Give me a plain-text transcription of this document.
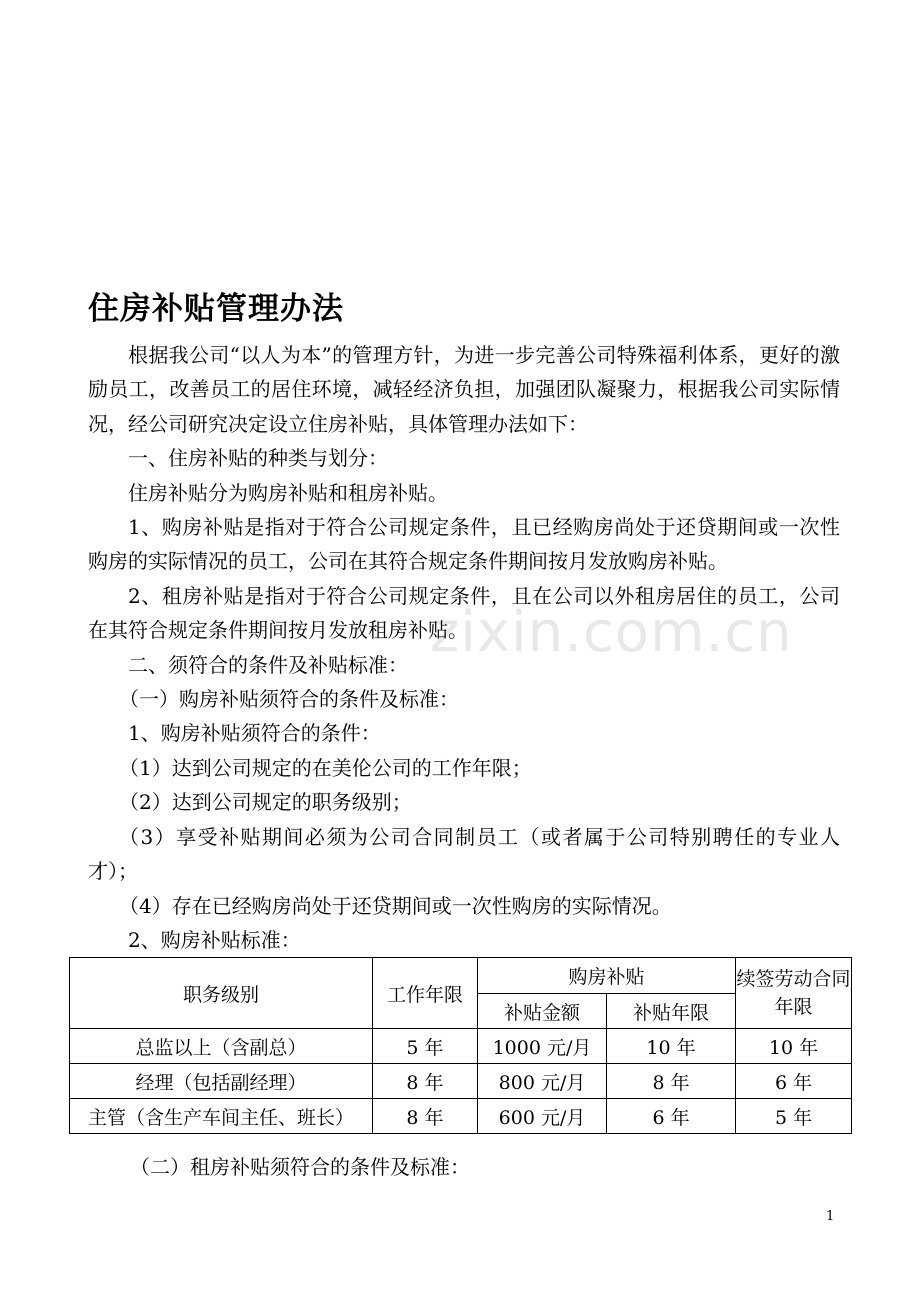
住房补贴管理办法

根据我公司“以人为本”的管理方针，为进一步完善公司特殊福利体系，更好的激励员工，改善员工的居住环境，减轻经济负担，加强团队凝聚力，根据我公司实际情况，经公司研究决定设立住房补贴，具体管理办法如下：

一、住房补贴的种类与划分：

住房补贴分为购房补贴和租房补贴。

1、购房补贴是指对于符合公司规定条件，且已经购房尚处于还贷期间或一次性购房的实际情况的员工，公司在其符合规定条件期间按月发放购房补贴。

2、租房补贴是指对于符合公司规定条件，且在公司以外租房居住的员工，公司在其符合规定条件期间按月发放租房补贴。

二、须符合的条件及补贴标准：

（一）购房补贴须符合的条件及标准：

1、购房补贴须符合的条件：

（1）达到公司规定的在美伦公司的工作年限；

（2）达到公司规定的职务级别；

（3）享受补贴期间必须为公司合同制员工（或者属于公司特别聘任的专业人才）；

（4）存在已经购房尚处于还贷期间或一次性购房的实际情况。

2、购房补贴标准：

zixin.com.cn
职务级别	工作年限	购房补贴		续签劳动合同年限
		补贴金额	补贴年限	
总监以上（含副总）	5 年	1000 元/月	10 年	10 年
经理（包括副经理）	8 年	800 元/月	8 年	6 年
主管（含生产车间主任、班长）	8 年	600 元/月	6 年	5 年
（二）租房补贴须符合的条件及标准：
1
